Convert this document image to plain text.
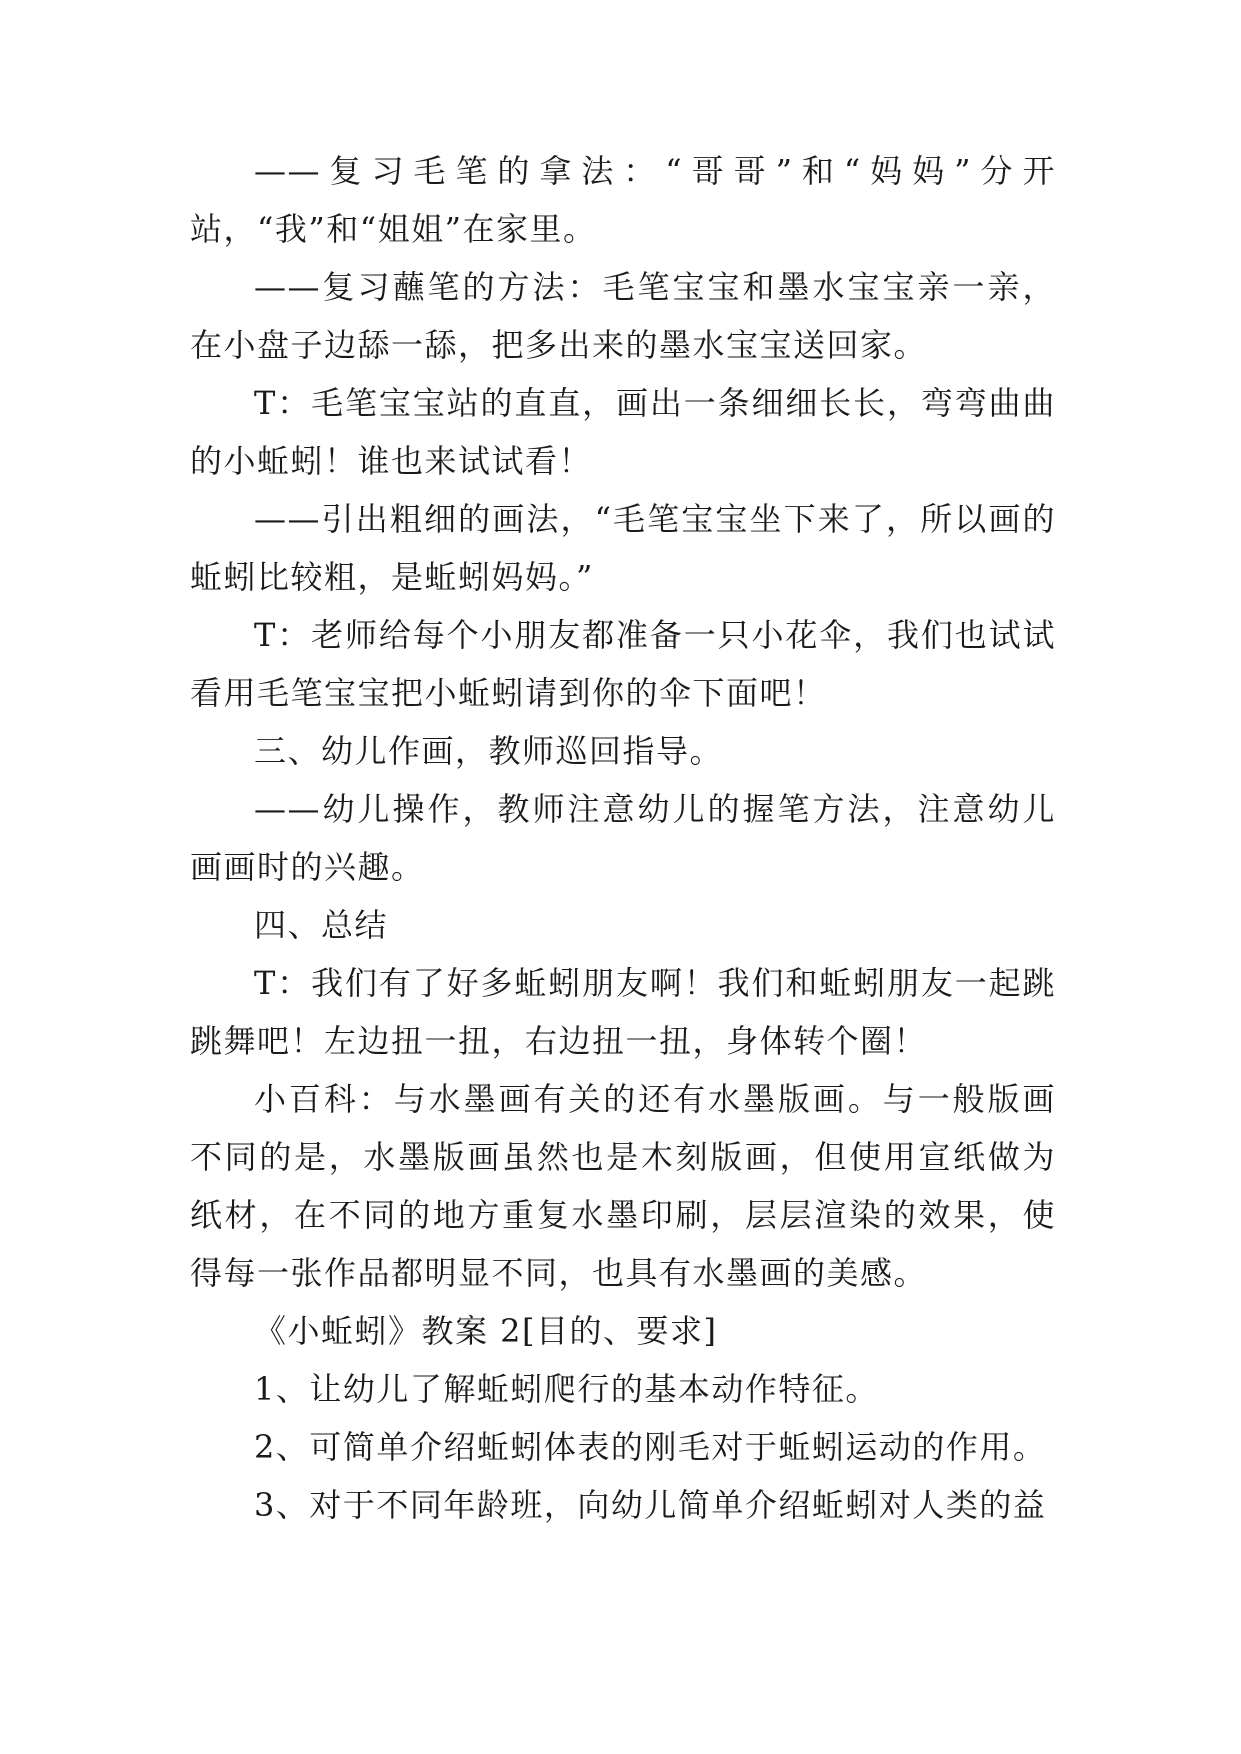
——复习毛笔的拿法：“哥哥”和“妈妈”分开站，“我”和“姐姐”在家里。

——复习蘸笔的方法：毛笔宝宝和墨水宝宝亲一亲，在小盘子边舔一舔，把多出来的墨水宝宝送回家。

T：毛笔宝宝站的直直，画出一条细细长长，弯弯曲曲的小蚯蚓！谁也来试试看！

——引出粗细的画法，“毛笔宝宝坐下来了，所以画的蚯蚓比较粗，是蚯蚓妈妈。”

T：老师给每个小朋友都准备一只小花伞，我们也试试看用毛笔宝宝把小蚯蚓请到你的伞下面吧！

三、幼儿作画，教师巡回指导。

——幼儿操作，教师注意幼儿的握笔方法，注意幼儿画画时的兴趣。

四、总结

T：我们有了好多蚯蚓朋友啊！我们和蚯蚓朋友一起跳跳舞吧！左边扭一扭，右边扭一扭，身体转个圈！

小百科：与水墨画有关的还有水墨版画。与一般版画不同的是，水墨版画虽然也是木刻版画，但使用宣纸做为纸材，在不同的地方重复水墨印刷，层层渲染的效果，使得每一张作品都明显不同，也具有水墨画的美感。

《小蚯蚓》教案 2[目的、要求]

1、让幼儿了解蚯蚓爬行的基本动作特征。

2、可简单介绍蚯蚓体表的刚毛对于蚯蚓运动的作用。

3、对于不同年龄班，向幼儿简单介绍蚯蚓对人类的益
